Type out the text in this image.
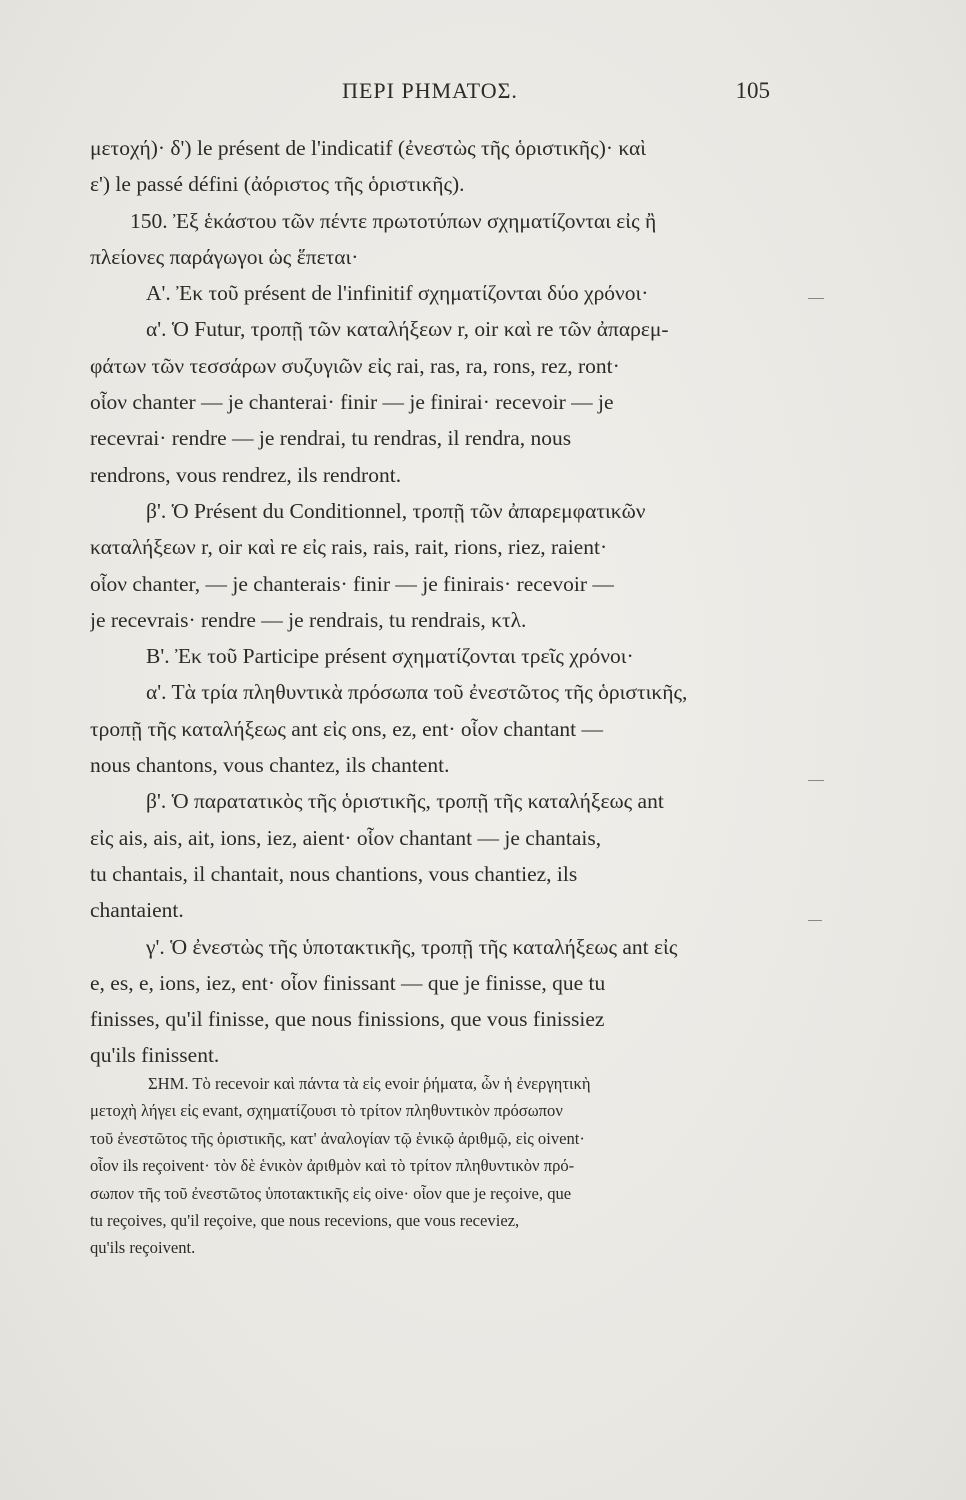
ΠΕΡΙ ΡΗΜΑΤΟΣ.	105
μετοχή)· δ') le présent de l'indicatif (ἐνεστὼς τῆς ὁριστικῆς)· καὶ
ε') le passé défini (ἀόριστος τῆς ὁριστικῆς).
150. Ἐξ ἑκάστου τῶν πέντε πρωτοτύπων σχηματίζονται εἰς ἢ
πλείονες παράγωγοι ὡς ἕπεται·
Α'. Ἐκ τοῦ présent de l'infinitif σχηματίζονται δύο χρόνοι·
α'. Ὁ Futur, τροπῇ τῶν καταλήξεων r, oir καὶ re τῶν ἀπαρεμ-
φάτων τῶν τεσσάρων συζυγιῶν εἰς rai, ras, ra, rons, rez, ront·
οἷον chanter — je chanterai· finir — je finirai· recevoir — je
recevrai· rendre — je rendrai, tu rendras, il rendra, nous
rendrons, vous rendrez, ils rendront.
β'. Ὁ Présent du Conditionnel, τροπῇ τῶν ἀπαρεμφατικῶν
καταλήξεων r, oir καὶ re εἰς rais, rais, rait, rions, riez, raient·
οἷον chanter, — je chanterais· finir — je finirais· recevoir —
je recevrais· rendre — je rendrais, tu rendrais, κτλ.
Β'. Ἐκ τοῦ Participe présent σχηματίζονται τρεῖς χρόνοι·
α'. Τὰ τρία πληθυντικὰ πρόσωπα τοῦ ἐνεστῶτος τῆς ὁριστικῆς,
τροπῇ τῆς καταλήξεως ant εἰς ons, ez, ent· οἷον chantant —
nous chantons, vous chantez, ils chantent.
β'. Ὁ παρατατικὸς τῆς ὁριστικῆς, τροπῇ τῆς καταλήξεως ant
εἰς ais, ais, ait, ions, iez, aient· οἷον chantant — je chantais,
tu chantais, il chantait, nous chantions, vous chantiez, ils
chantaient.
γ'. Ὁ ἐνεστὼς τῆς ὑποτακτικῆς, τροπῇ τῆς καταλήξεως ant εἰς
e, es, e, ions, iez, ent· οἷον finissant — que je finisse, que tu
finisses, qu'il finisse, que nous finissions, que vous finissiez
qu'ils finissent.
ΣΗΜ. Τὸ recevoir καὶ πάντα τὰ εἰς evoir ῥήματα, ὧν ἡ ἐνεργητικὴ
μετοχὴ λήγει εἰς evant, σχηματίζουσι τὸ τρίτον πληθυντικὸν πρόσωπον
τοῦ ἐνεστῶτος τῆς ὁριστικῆς, κατ' ἀναλογίαν τῷ ἑνικῷ ἀριθμῷ, εἰς oivent·
οἷον ils reçoivent· τὸν δὲ ἑνικὸν ἀριθμὸν καὶ τὸ τρίτον πληθυντικὸν πρό-
σωπον τῆς τοῦ ἐνεστῶτος ὑποτακτικῆς εἰς oive· οἷον que je reçoive, que
tu reçoives, qu'il reçoive, que nous recevions, que vous receviez,
qu'ils reçoivent.
